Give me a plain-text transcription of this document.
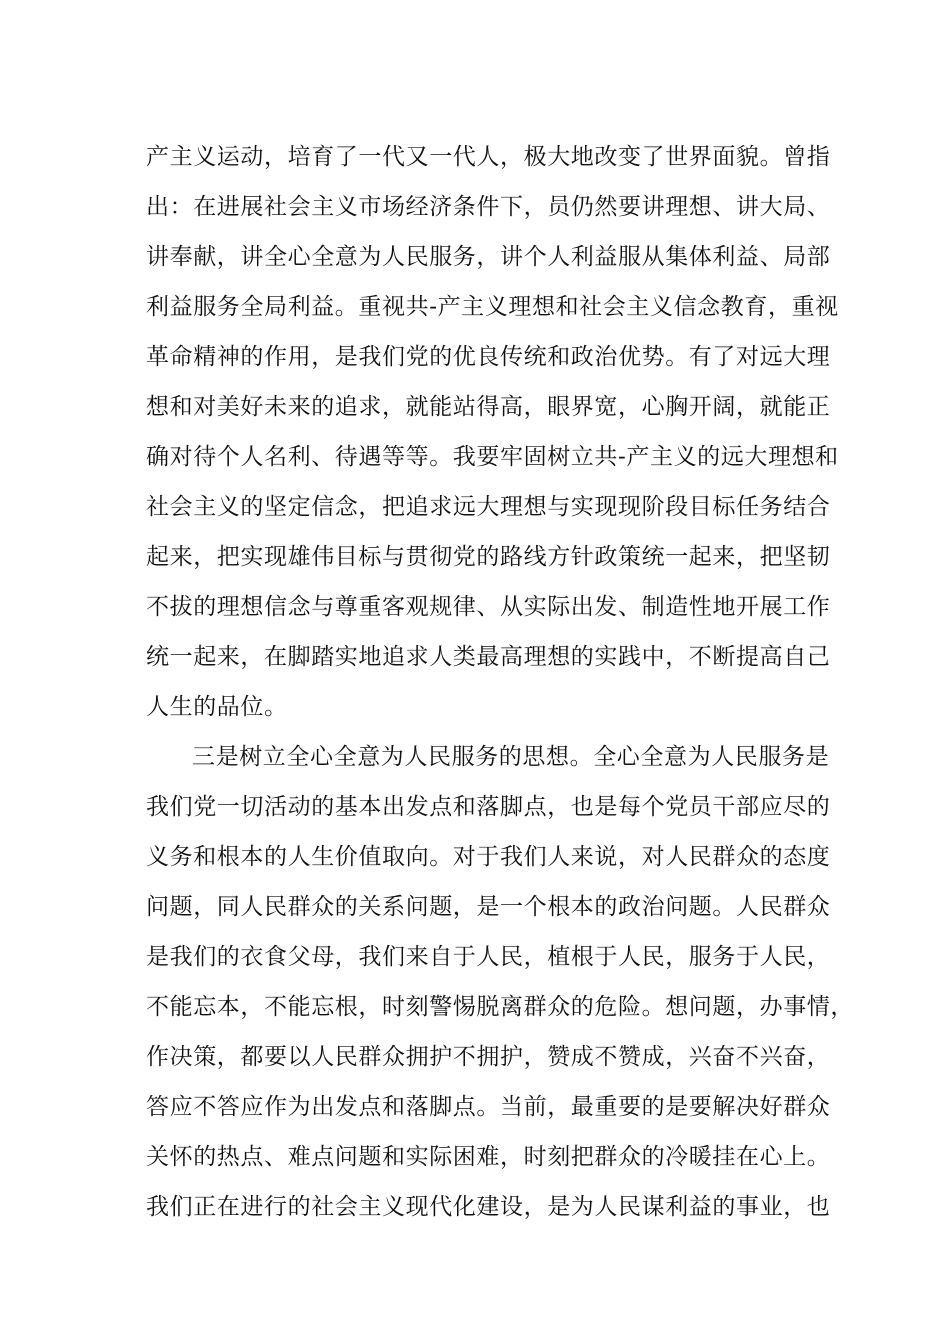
产主义运动，培育了一代又一代人，极大地改变了世界面貌。曾指
出：在进展社会主义市场经济条件下，员仍然要讲理想、讲大局、
讲奉献，讲全心全意为人民服务，讲个人利益服从集体利益、局部
利益服务全局利益。重视共-产主义理想和社会主义信念教育，重视
革命精神的作用，是我们党的优良传统和政治优势。有了对远大理
想和对美好未来的追求，就能站得高，眼界宽，心胸开阔，就能正
确对待个人名利、待遇等等。我要牢固树立共-产主义的远大理想和
社会主义的坚定信念，把追求远大理想与实现现阶段目标任务结合
起来，把实现雄伟目标与贯彻党的路线方针政策统一起来，把坚韧
不拔的理想信念与尊重客观规律、从实际出发、制造性地开展工作
统一起来，在脚踏实地追求人类最高理想的实践中，不断提高自己
人生的品位。
三是树立全心全意为人民服务的思想。全心全意为人民服务是
我们党一切活动的基本出发点和落脚点，也是每个党员干部应尽的
义务和根本的人生价值取向。对于我们人来说，对人民群众的态度
问题，同人民群众的关系问题，是一个根本的政治问题。人民群众
是我们的衣食父母，我们来自于人民，植根于人民，服务于人民，
不能忘本，不能忘根，时刻警惕脱离群众的危险。想问题，办事情，
作决策，都要以人民群众拥护不拥护，赞成不赞成，兴奋不兴奋，
答应不答应作为出发点和落脚点。当前，最重要的是要解决好群众
关怀的热点、难点问题和实际困难，时刻把群众的冷暖挂在心上。
我们正在进行的社会主义现代化建设，是为人民谋利益的事业，也
